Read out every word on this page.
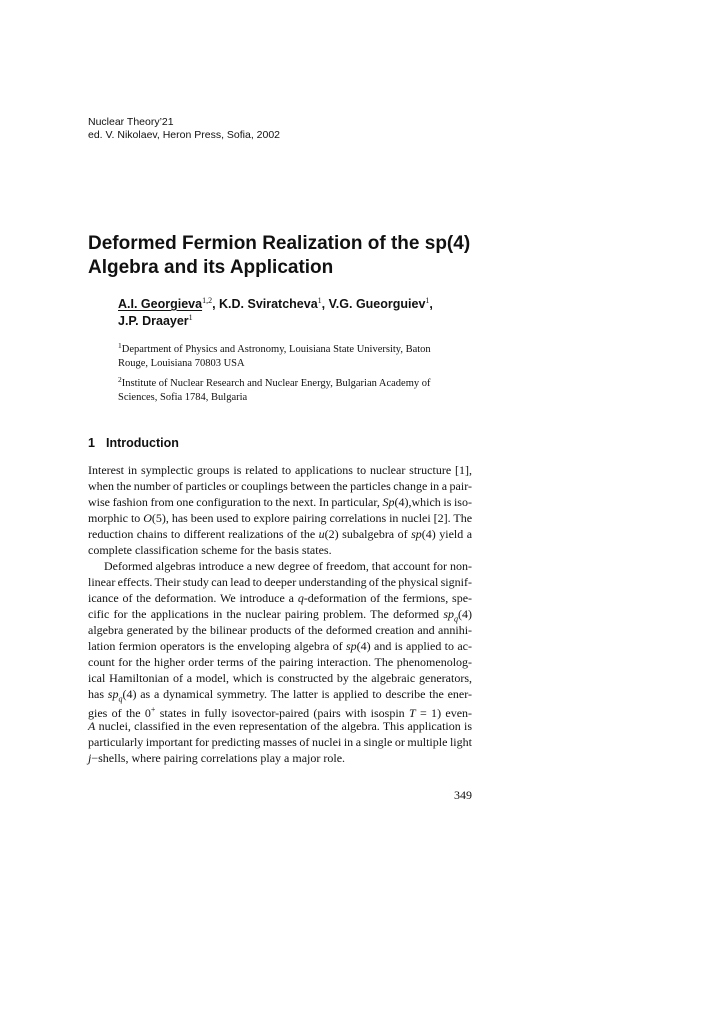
Nuclear Theory’21
ed. V. Nikolaev, Heron Press, Sofia, 2002
Deformed Fermion Realization of the sp(4)
Algebra and its Application
A.I. Georgieva$^{1,2}$, K.D. Sviratcheva$^1$, V.G. Gueorguiev$^1$,
J.P. Draayer$^1$

$^1$Department of Physics and Astronomy, Louisiana State University, Baton
Rouge, Louisiana 70803 USA

$^2$Institute of Nuclear Research and Nuclear Energy, Bulgarian Academy of
Sciences, Sofia 1784, Bulgaria

1 Introduction
Interest in symplectic groups is related to applications to nuclear structure [1],
when the number of particles or couplings between the particles change in a pair-
wise fashion from one configuration to the next. In particular, Sp(4),which is iso-
morphic to O(5), has been used to explore pairing correlations in nuclei [2]. The
reduction chains to different realizations of the u(2) subalgebra of sp(4) yield a
complete classification scheme for the basis states.
Deformed algebras introduce a new degree of freedom, that account for non-
linear effects. Their study can lead to deeper understanding of the physical signif-
icance of the deformation. We introduce a q-deformation of the fermions, spe-
cific for the applications in the nuclear pairing problem. The deformed $sp_q(4)$
algebra generated by the bilinear products of the deformed creation and annihi-
lation fermion operators is the enveloping algebra of sp(4) and is applied to ac-
count for the higher order terms of the pairing interaction. The phenomenolog-
ical Hamiltonian of a model, which is constructed by the algebraic generators,
has $sp_q(4)$ as a dynamical symmetry. The latter is applied to describe the ener-
gies of the 0+ states in fully isovector-paired (pairs with isospin T = 1) even-
A nuclei, classified in the even representation of the algebra. This application is
particularly important for predicting masses of nuclei in a single or multiple light
j−shells, where pairing correlations play a major role.
349
